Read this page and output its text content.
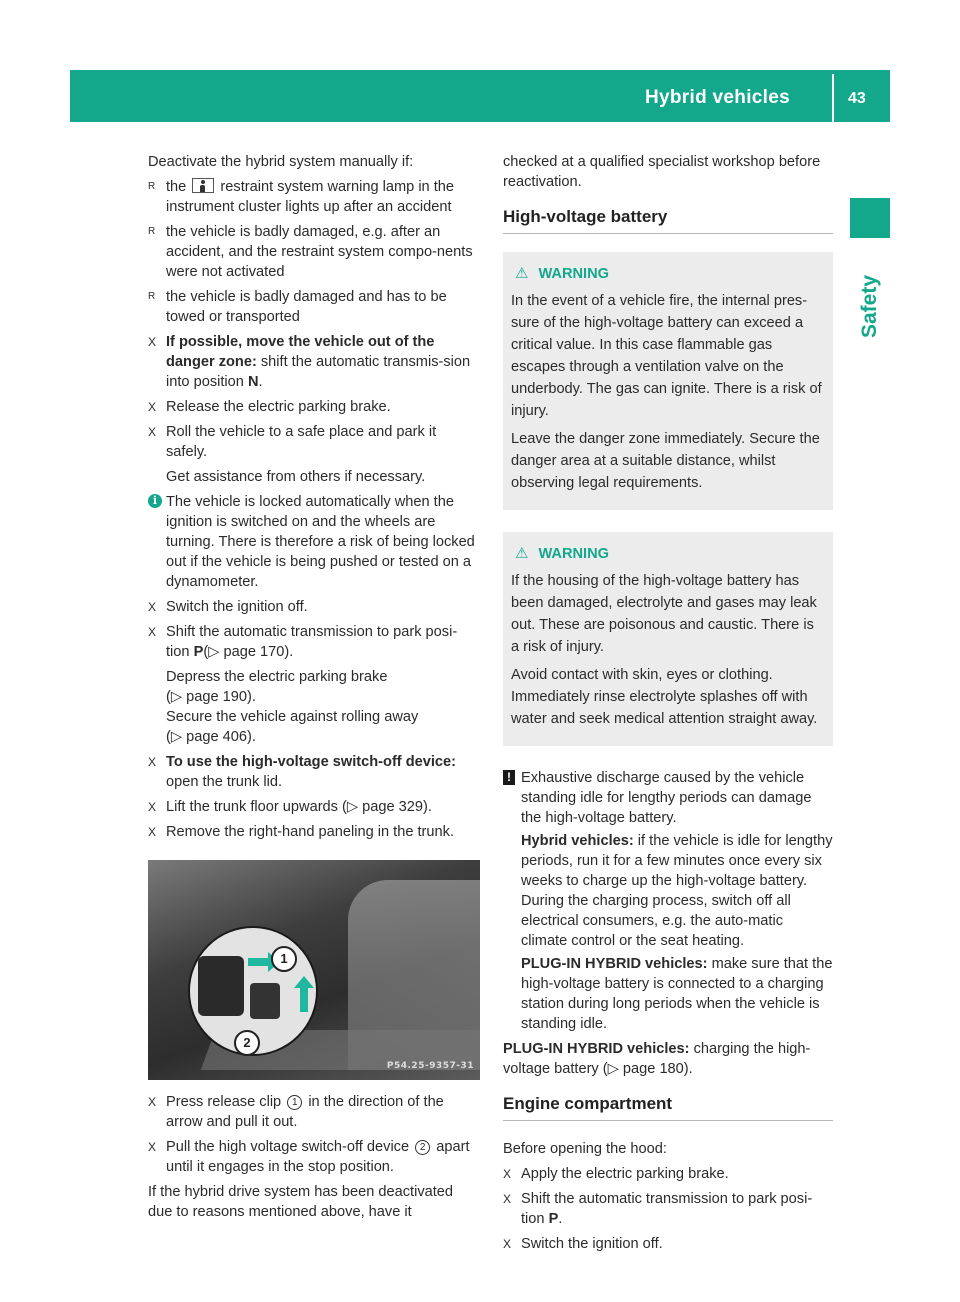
Hybrid vehicles	43
Safety
Deactivate the hybrid system manually if:
R the restraint system warning lamp in the instrument cluster lights up after an accident
R the vehicle is badly damaged, e.g. after an accident, and the restraint system compo-nents were not activated
R the vehicle is badly damaged and has to be towed or transported
X If possible, move the vehicle out of the danger zone: shift the automatic transmis-sion into position N.
X Release the electric parking brake.
X Roll the vehicle to a safe place and park it safely.
Get assistance from others if necessary.
i The vehicle is locked automatically when the ignition is switched on and the wheels are turning. There is therefore a risk of being locked out if the vehicle is being pushed or tested on a dynamometer.
X Switch the ignition off.
X Shift the automatic transmission to park posi-tion P(▷ page 170).
Depress the electric parking brake
(▷ page 190).
Secure the vehicle against rolling away
(▷ page 406).
X To use the high-voltage switch-off device:
open the trunk lid.
X Lift the trunk floor upwards (▷ page 329).
X Remove the right-hand paneling in the trunk.
1
2
P54.25-9357-31
X Press release clip 1 in the direction of the arrow and pull it out.
X Pull the high voltage switch-off device 2 apart until it engages in the stop position.
If the hybrid drive system has been deactivated due to reasons mentioned above, have it
checked at a qualified specialist workshop before reactivation.
High-voltage battery
⚠ WARNING

In the event of a vehicle fire, the internal pres-sure of the high-voltage battery can exceed a critical value. In this case flammable gas escapes through a ventilation valve on the underbody. The gas can ignite. There is a risk of injury.

Leave the danger zone immediately. Secure the danger area at a suitable distance, whilst observing legal requirements.

⚠ WARNING

If the housing of the high-voltage battery has been damaged, electrolyte and gases may leak out. These are poisonous and caustic. There is a risk of injury.

Avoid contact with skin, eyes or clothing. Immediately rinse electrolyte splashes off with water and seek medical attention straight away.

! Exhaustive discharge caused by the vehicle standing idle for lengthy periods can damage the high-voltage battery.

Hybrid vehicles: if the vehicle is idle for lengthy periods, run it for a few minutes once every six weeks to charge up the high-voltage battery. During the charging process, switch off all electrical consumers, e.g. the auto-matic climate control or the seat heating.

PLUG-IN HYBRID vehicles: make sure that the high-voltage battery is connected to a charging station during long periods when the vehicle is standing idle.

PLUG-IN HYBRID vehicles: charging the high-voltage battery (▷ page 180).
Engine compartment
Before opening the hood:
X Apply the electric parking brake.
X Shift the automatic transmission to park posi-tion P.
X Switch the ignition off.
